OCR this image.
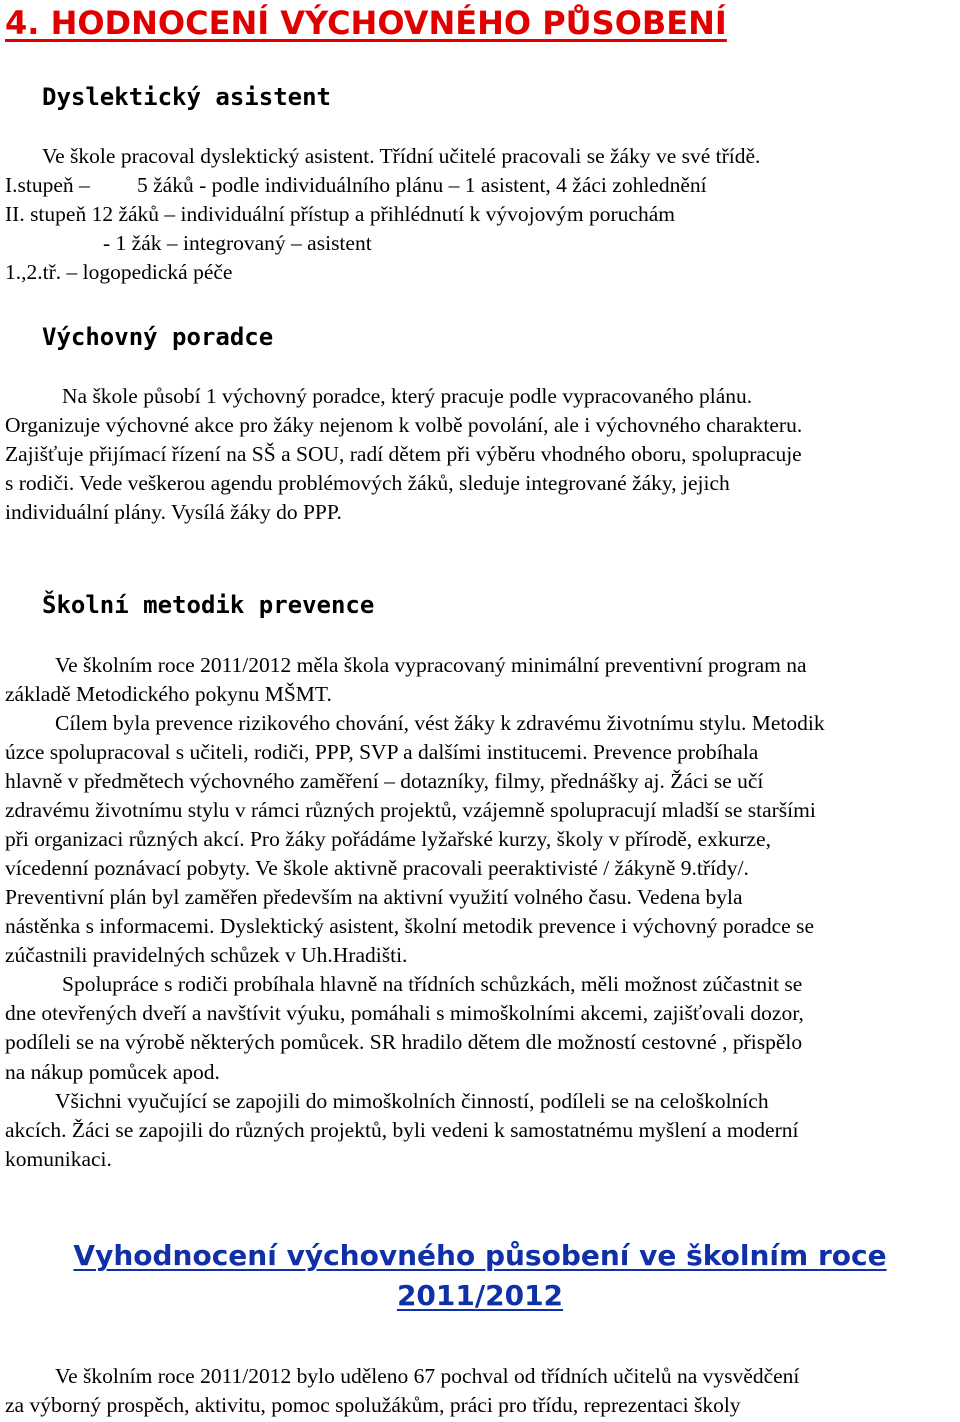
4. HODNOCENÍ VÝCHOVNÉHO PŮSOBENÍ
Dyslektický asistent

Ve škole pracoval dyslektický asistent. Třídní učitelé pracovali se žáky ve své třídě.

I.stupeň – 5 žáků - podle individuálního plánu – 1 asistent, 4 žáci zohlednění

II. stupeň 12 žáků – individuální přístup a přihlédnutí k vývojovým poruchám

- 1 žák – integrovaný – asistent

1.,2.tř. – logopedická péče

Výchovný poradce

Na škole působí 1 výchovný poradce, který pracuje podle vypracovaného plánu.

Organizuje výchovné akce pro žáky nejenom k volbě povolání, ale i výchovného charakteru.

Zajišťuje přijímací řízení na SŠ a SOU, radí dětem při výběru vhodného oboru, spolupracuje

s rodiči. Vede veškerou agendu problémových žáků, sleduje integrované žáky, jejich

individuální plány. Vysílá žáky do PPP.

Školní metodik prevence

Ve školním roce 2011/2012 měla škola vypracovaný minimální preventivní program na

základě Metodického pokynu MŠMT.

Cílem byla prevence rizikového chování, vést žáky k zdravému životnímu stylu. Metodik

úzce spolupracoval s učiteli, rodiči, PPP, SVP a dalšími institucemi. Prevence probíhala

hlavně v předmětech výchovného zaměření – dotazníky, filmy, přednášky aj. Žáci se učí

zdravému životnímu stylu v rámci různých projektů, vzájemně spolupracují mladší se staršími

při organizaci různých akcí. Pro žáky pořádáme lyžařské kurzy, školy v přírodě, exkurze,

vícedenní poznávací pobyty. Ve škole aktivně pracovali peeraktivisté / žákyně 9.třídy/.

Preventivní plán byl zaměřen především na aktivní využití volného času. Vedena byla

nástěnka s informacemi. Dyslektický asistent, školní metodik prevence i výchovný poradce se

zúčastnili pravidelných schůzek v Uh.Hradišti.

Spolupráce s rodiči probíhala hlavně na třídních schůzkách, měli možnost zúčastnit se

dne otevřených dveří a navštívit výuku, pomáhali s mimoškolními akcemi, zajišťovali dozor,

podíleli se na výrobě některých pomůcek. SR hradilo dětem dle možností cestovné , přispělo

na nákup pomůcek apod.

Všichni vyučující se zapojili do mimoškolních činností, podíleli se na celoškolních

akcích. Žáci se zapojili do různých projektů, byli vedeni k samostatnému myšlení a moderní

komunikaci.

Vyhodnocení výchovného působení ve školním roce
2011/2012

Ve školním roce 2011/2012 bylo uděleno 67 pochval od třídních učitelů na vysvědčení

za výborný prospěch, aktivitu, pomoc spolužákům, práci pro třídu, reprezentaci školy
